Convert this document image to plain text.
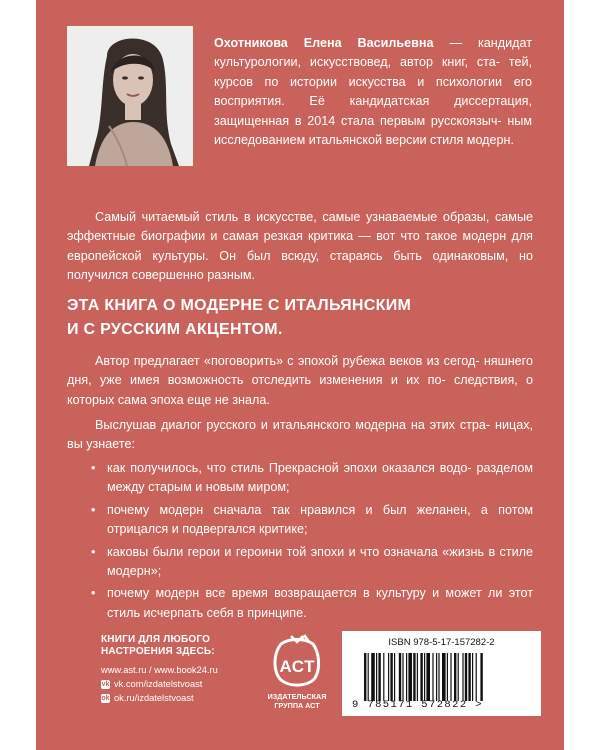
Охотникова Елена Васильевна — кандидат культурологии, искусствовед, автор книг, ста- тей, курсов по истории искусства и психологии его восприятия. Её кандидатская диссертация, защищенная в 2014 стала первым русскоязыч- ным исследованием итальянской версии стиля модерн.

Самый читаемый стиль в искусстве, самые узнаваемые образы, самые эффектные биографии и самая резкая критика — вот что такое модерн для европейской культуры. Он был всюду, стараясь быть одинаковым, но получился совершенно разным.

ЭТА КНИГА О МОДЕРНЕ С ИТАЛЬЯНСКИМ
И С РУССКИМ АКЦЕНТОМ.

Автор предлагает «поговорить» с эпохой рубежа веков из сегод- няшнего дня, уже имея возможность отследить изменения и их по- следствия, о которых сама эпоха еще не знала.

Выслушав диалог русского и итальянского модерна на этих стра- ницах, вы узнаете:

• как получилось, что стиль Прекрасной эпохи оказался водо- разделом между старым и новым миром;
• почему модерн сначала так нравился и был желанен, а потом отрицался и подвергался критике;
• каковы были герои и героини той эпохи и что означала «жизнь в стиле модерн»;
• почему модерн все время возвращается в культуру и может ли этот стиль исчерпать себя в принципе.

КНИГИ ДЛЯ ЛЮБОГО
НАСТРОЕНИЯ ЗДЕСЬ:

www.ast.ru / www.book24.ru

vk vk.com/izdatelstvoast

ok ok.ru/izdatelstvoast

ACT
ИЗДАТЕЛЬСКАЯ
ГРУППА АСТ
ISBN 978-5-17-157282-2
9 785171 572822 >
